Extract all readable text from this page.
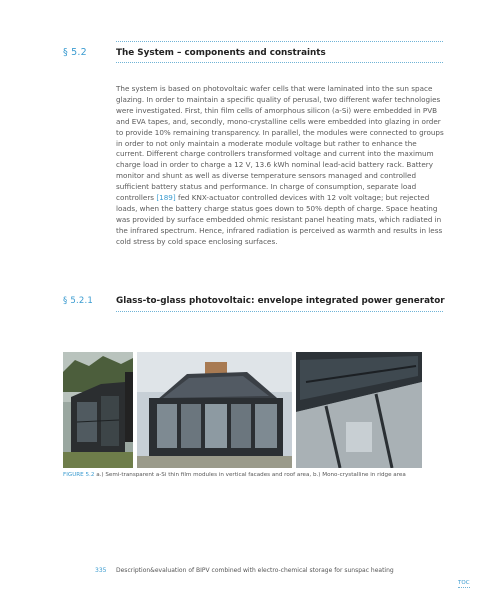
§ 5.2	The System – components and constraints
The system is based on photovoltaic wafer cells that were laminated into the sun space glazing. In order to maintain a specific quality of perusal, two different wafer technologies were investigated. First, thin film cells of amorphous silicon (a-Si) were embedded in PVB and EVA tapes, and, secondly, mono-crystalline cells were embedded into glazing in order to provide 10% remaining transparency. In parallel, the modules were connected to groups in order to not only maintain a moderate module voltage but rather to enhance the current. Different charge controllers transformed voltage and current into the maximum charge load in order to charge a 12 V, 13.6 kWh nominal lead-acid battery rack. Battery monitor and shunt as well as diverse temperature sensors managed and controlled sufficient battery status and performance. In charge of consumption, separate load controllers [189] fed KNX-actuator controlled devices with 12 volt voltage; but rejected loads, when the battery charge status goes down to 50% depth of charge. Space heating was provided by surface embedded ohmic resistant panel heating mats, which radiated in the infrared spectrum. Hence, infrared radiation is perceived as warmth and results in less cold stress by cold space enclosing surfaces.
§ 5.2.1	Glass-to-glass photovoltaic: envelope integrated power generator
FIGURE 5.2 a.) Semi-transparent a-Si thin film modules in vertical facades and roof area, b.) Mono-crystalline in ridge area
335 Description&evaluation of BIPV combined with electro-chemical storage for sunspac heating
TOC
